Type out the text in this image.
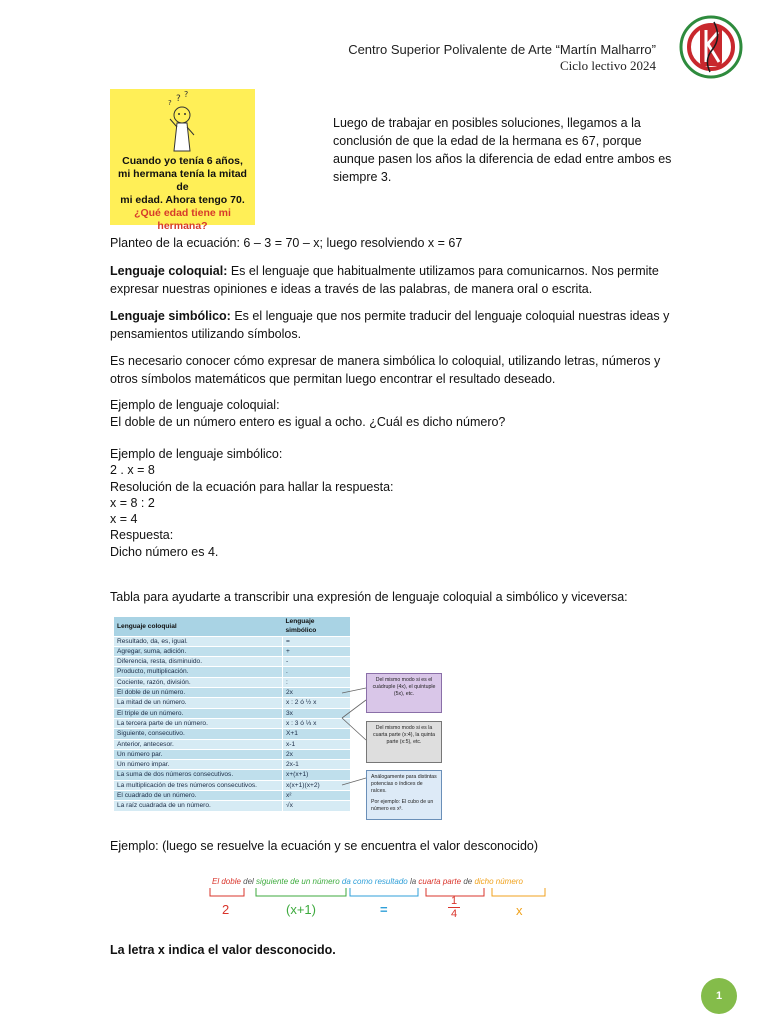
Centro Superior Polivalente de Arte “Martín Malharro”
Ciclo lectivo 2024
? ?
?
Cuando yo tenía 6 años,
mi hermana tenía la mitad de
mi edad. Ahora tengo 70.
¿Qué edad tiene mi hermana?
Luego de trabajar en posibles soluciones, llegamos a la conclusión de que la edad de la hermana es 67, porque aunque pasen los años la diferencia de edad entre ambos es siempre 3.
Planteo de la ecuación: 6 – 3 = 70 – x; luego resolviendo x = 67
Lenguaje coloquial: Es el lenguaje que habitualmente utilizamos para comunicarnos. Nos permite expresar nuestras opiniones e ideas a través de las palabras, de manera oral o escrita.
Lenguaje simbólico: Es el lenguaje que nos permite traducir del lenguaje coloquial nuestras ideas y pensamientos utilizando símbolos.
Es necesario conocer cómo expresar de manera simbólica lo coloquial, utilizando letras, números y otros símbolos matemáticos que permitan luego encontrar el resultado deseado.
Ejemplo de lenguaje coloquial:
El doble de un número entero es igual a ocho. ¿Cuál es dicho número?
Ejemplo de lenguaje simbólico:
2 . x = 8
Resolución de la ecuación para hallar la respuesta:
x = 8 : 2
x = 4
Respuesta:
Dicho número es 4.
Tabla para ayudarte a transcribir una expresión de lenguaje coloquial a simbólico y viceversa:
Lenguaje coloquial	Lenguaje simbólico
Resultado, da, es, igual.	=
Agregar, suma, adición.	+
Diferencia, resta, disminuido.	-
Producto, multiplicación.	.
Cociente, razón, división.	:
El doble de un número.	2x
La mitad de un número.	x : 2 ó ½ x
El triple de un número.	3x
La tercera parte de un número.	x : 3 ó ⅓ x
Siguiente, consecutivo.	X+1
Anterior, antecesor.	x-1
Un número par.	2x
Un número impar.	2x-1
La suma de dos números consecutivos.	x+(x+1)
La multiplicación de tres números consecutivos.	x(x+1)(x+2)
El cuadrado de un número.	x²
La raíz cuadrada de un número.	√x
Del mismo modo si es el cuádruple (4x), el quíntuple (5x), etc.
Del mismo modo si es la cuarta parte (x:4), la quinta parte (x:5), etc.
Análogamente para distintas potencias o índices de raíces.
Por ejemplo: El cubo de un número es x³.
Ejemplo: (luego se resuelve la ecuación y se encuentra el valor desconocido)
El doble del siguiente de un número da como resultado la cuarta parte de dicho número
2	(x+1)	=	$\frac{1}{4}$	x
La letra x indica el valor desconocido.
1
